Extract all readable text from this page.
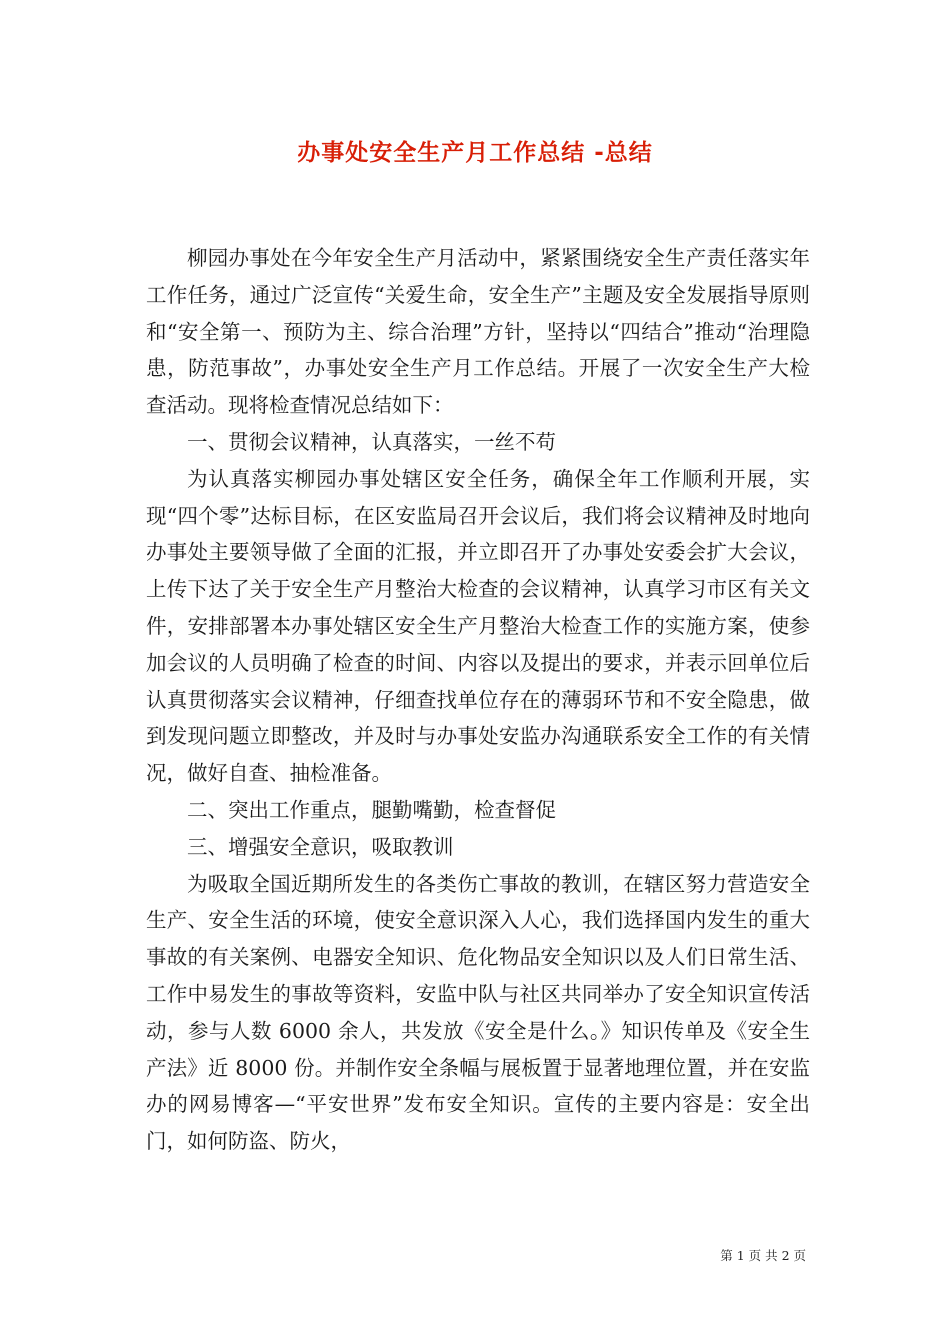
办事处安全生产月工作总结 -总结

柳园办事处在今年安全生产月活动中，紧紧围绕安全生产责任落实年工作任务，通过广泛宣传“关爱生命，安全生产”主题及安全发展指导原则和“安全第一、预防为主、综合治理”方针，坚持以“四结合”推动“治理隐患，防范事故”，办事处安全生产月工作总结。开展了一次安全生产大检查活动。现将检查情况总结如下：

一、贯彻会议精神，认真落实，一丝不苟

为认真落实柳园办事处辖区安全任务，确保全年工作顺利开展，实现“四个零”达标目标，在区安监局召开会议后，我们将会议精神及时地向办事处主要领导做了全面的汇报，并立即召开了办事处安委会扩大会议，上传下达了关于安全生产月整治大检查的会议精神，认真学习市区有关文件，安排部署本办事处辖区安全生产月整治大检查工作的实施方案，使参加会议的人员明确了检查的时间、内容以及提出的要求，并表示回单位后认真贯彻落实会议精神，仔细查找单位存在的薄弱环节和不安全隐患，做到发现问题立即整改，并及时与办事处安监办沟通联系安全工作的有关情况，做好自查、抽检准备。

二、突出工作重点，腿勤嘴勤，检查督促

三、增强安全意识，吸取教训

为吸取全国近期所发生的各类伤亡事故的教训，在辖区努力营造安全生产、安全生活的环境，使安全意识深入人心，我们选择国内发生的重大事故的有关案例、电器安全知识、危化物品安全知识以及人们日常生活、工作中易发生的事故等资料，安监中队与社区共同举办了安全知识宣传活动，参与人数 6000 余人，共发放《安全是什么。》知识传单及《安全生产法》近 8000 份。并制作安全条幅与展板置于显著地理位置，并在安监办的网易博客—“平安世界”发布安全知识。宣传的主要内容是：安全出门，如何防盗、防火，

第 1 页 共 2 页
